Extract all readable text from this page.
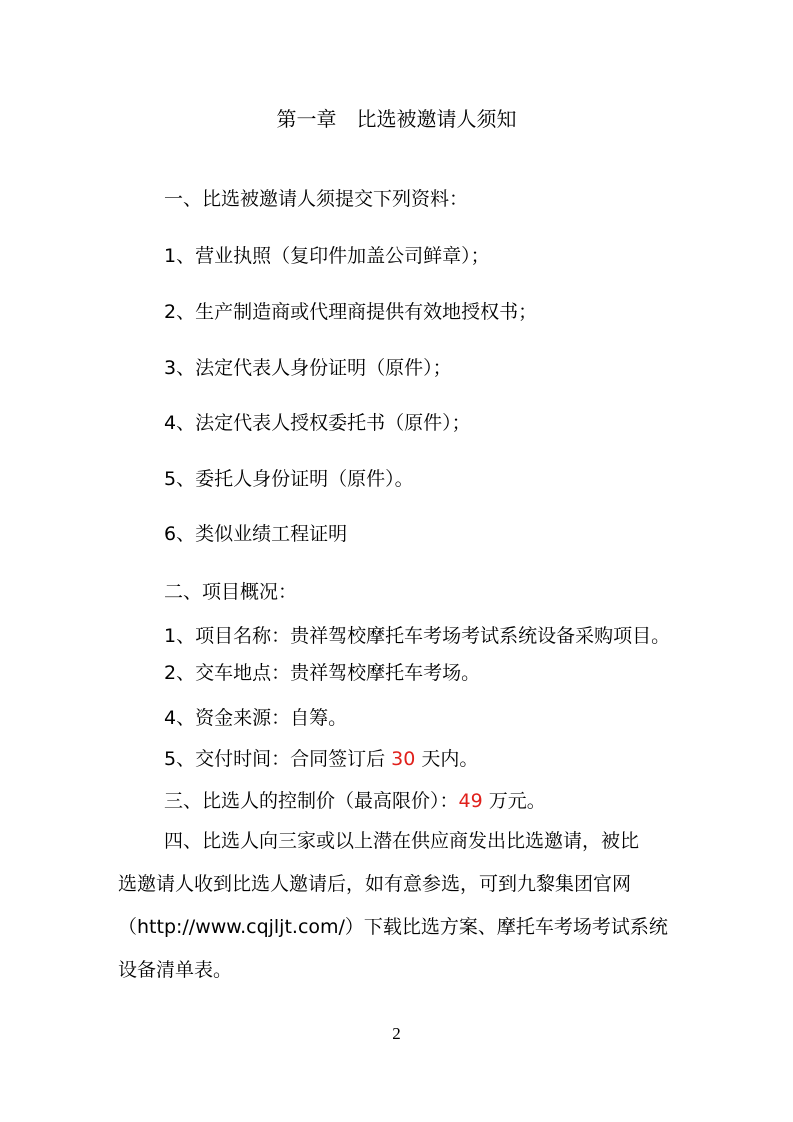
第一章　比选被邀请人须知
一、比选被邀请人须提交下列资料：
1、营业执照（复印件加盖公司鲜章）；
2、生产制造商或代理商提供有效地授权书；
3、法定代表人身份证明（原件）；
4、法定代表人授权委托书（原件）；
5、委托人身份证明（原件）。
6、类似业绩工程证明
二、项目概况：
1、项目名称：贵祥驾校摩托车考场考试系统设备采购项目。
2、交车地点：贵祥驾校摩托车考场。
4、资金来源：自筹。
5、交付时间：合同签订后 30 天内。
三、比选人的控制价（最高限价）：49 万元。
四、比选人向三家或以上潜在供应商发出比选邀请，被比
选邀请人收到比选人邀请后，如有意参选，可到九黎集团官网
（http://www.cqjljt.com/）下载比选方案、摩托车考场考试系统
设备清单表。
2
